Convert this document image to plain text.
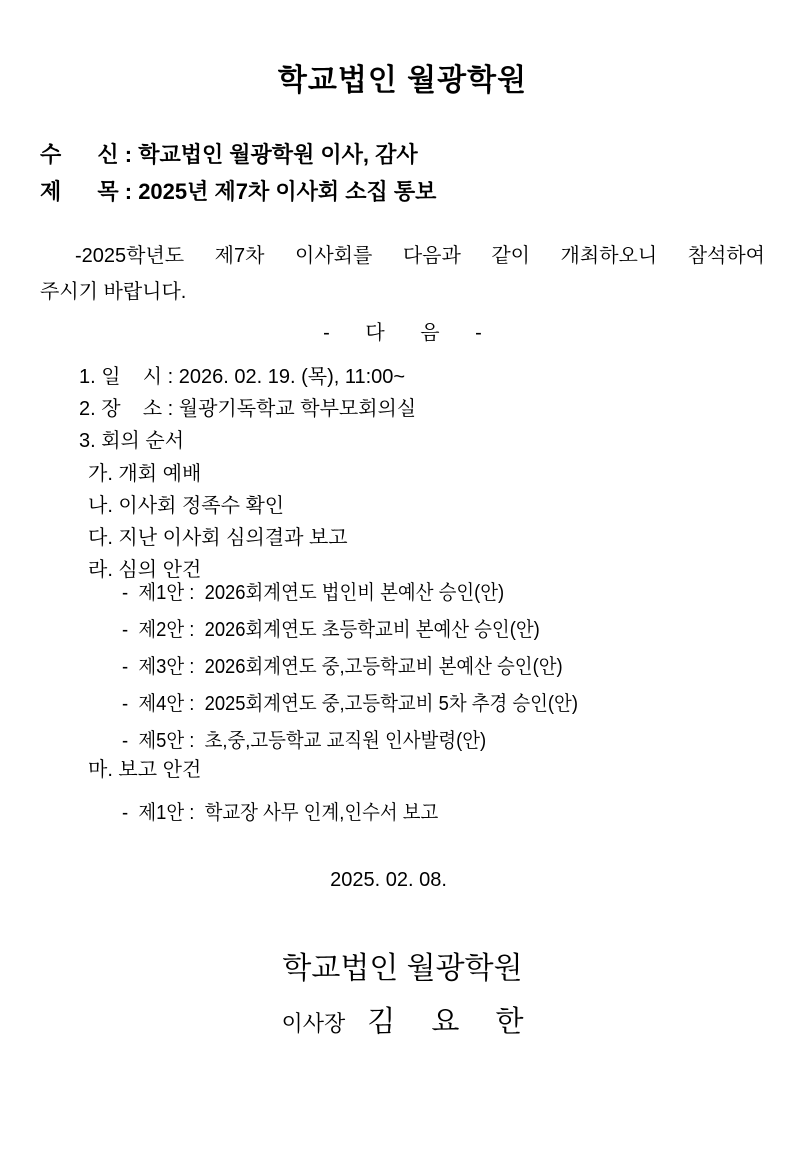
학교법인 월광학원
수 신 : 학교법인 월광학원 이사, 감사
제 목 : 2025년 제7차 이사회 소집 통보
-2025학년도 제7차 이사회를 다음과 같이 개최하오니 참석하여
주시기 바랍니다.
- 다 음 -
1. 일    시 : 2026. 02. 19. (목), 11:00~
2. 장    소 : 월광기독학교 학부모회의실
3. 회의 순서
가. 개회 예배
나. 이사회 정족수 확인
다. 지난 이사회 심의결과 보고
라. 심의 안건
-  제1안 :  2026회계연도 법인비 본예산 승인(안)
-  제2안 :  2026회계연도 초등학교비 본예산 승인(안)
-  제3안 :  2026회계연도 중,고등학교비 본예산 승인(안)
-  제4안 :  2025회계연도 중,고등학교비 5차 추경 승인(안)
-  제5안 :  초,중,고등학교 교직원 인사발령(안)
마. 보고 안건
-  제1안 :  학교장 사무 인계,인수서 보고
2025. 02. 08.
학교법인 월광학원
이사장 김 요 한
